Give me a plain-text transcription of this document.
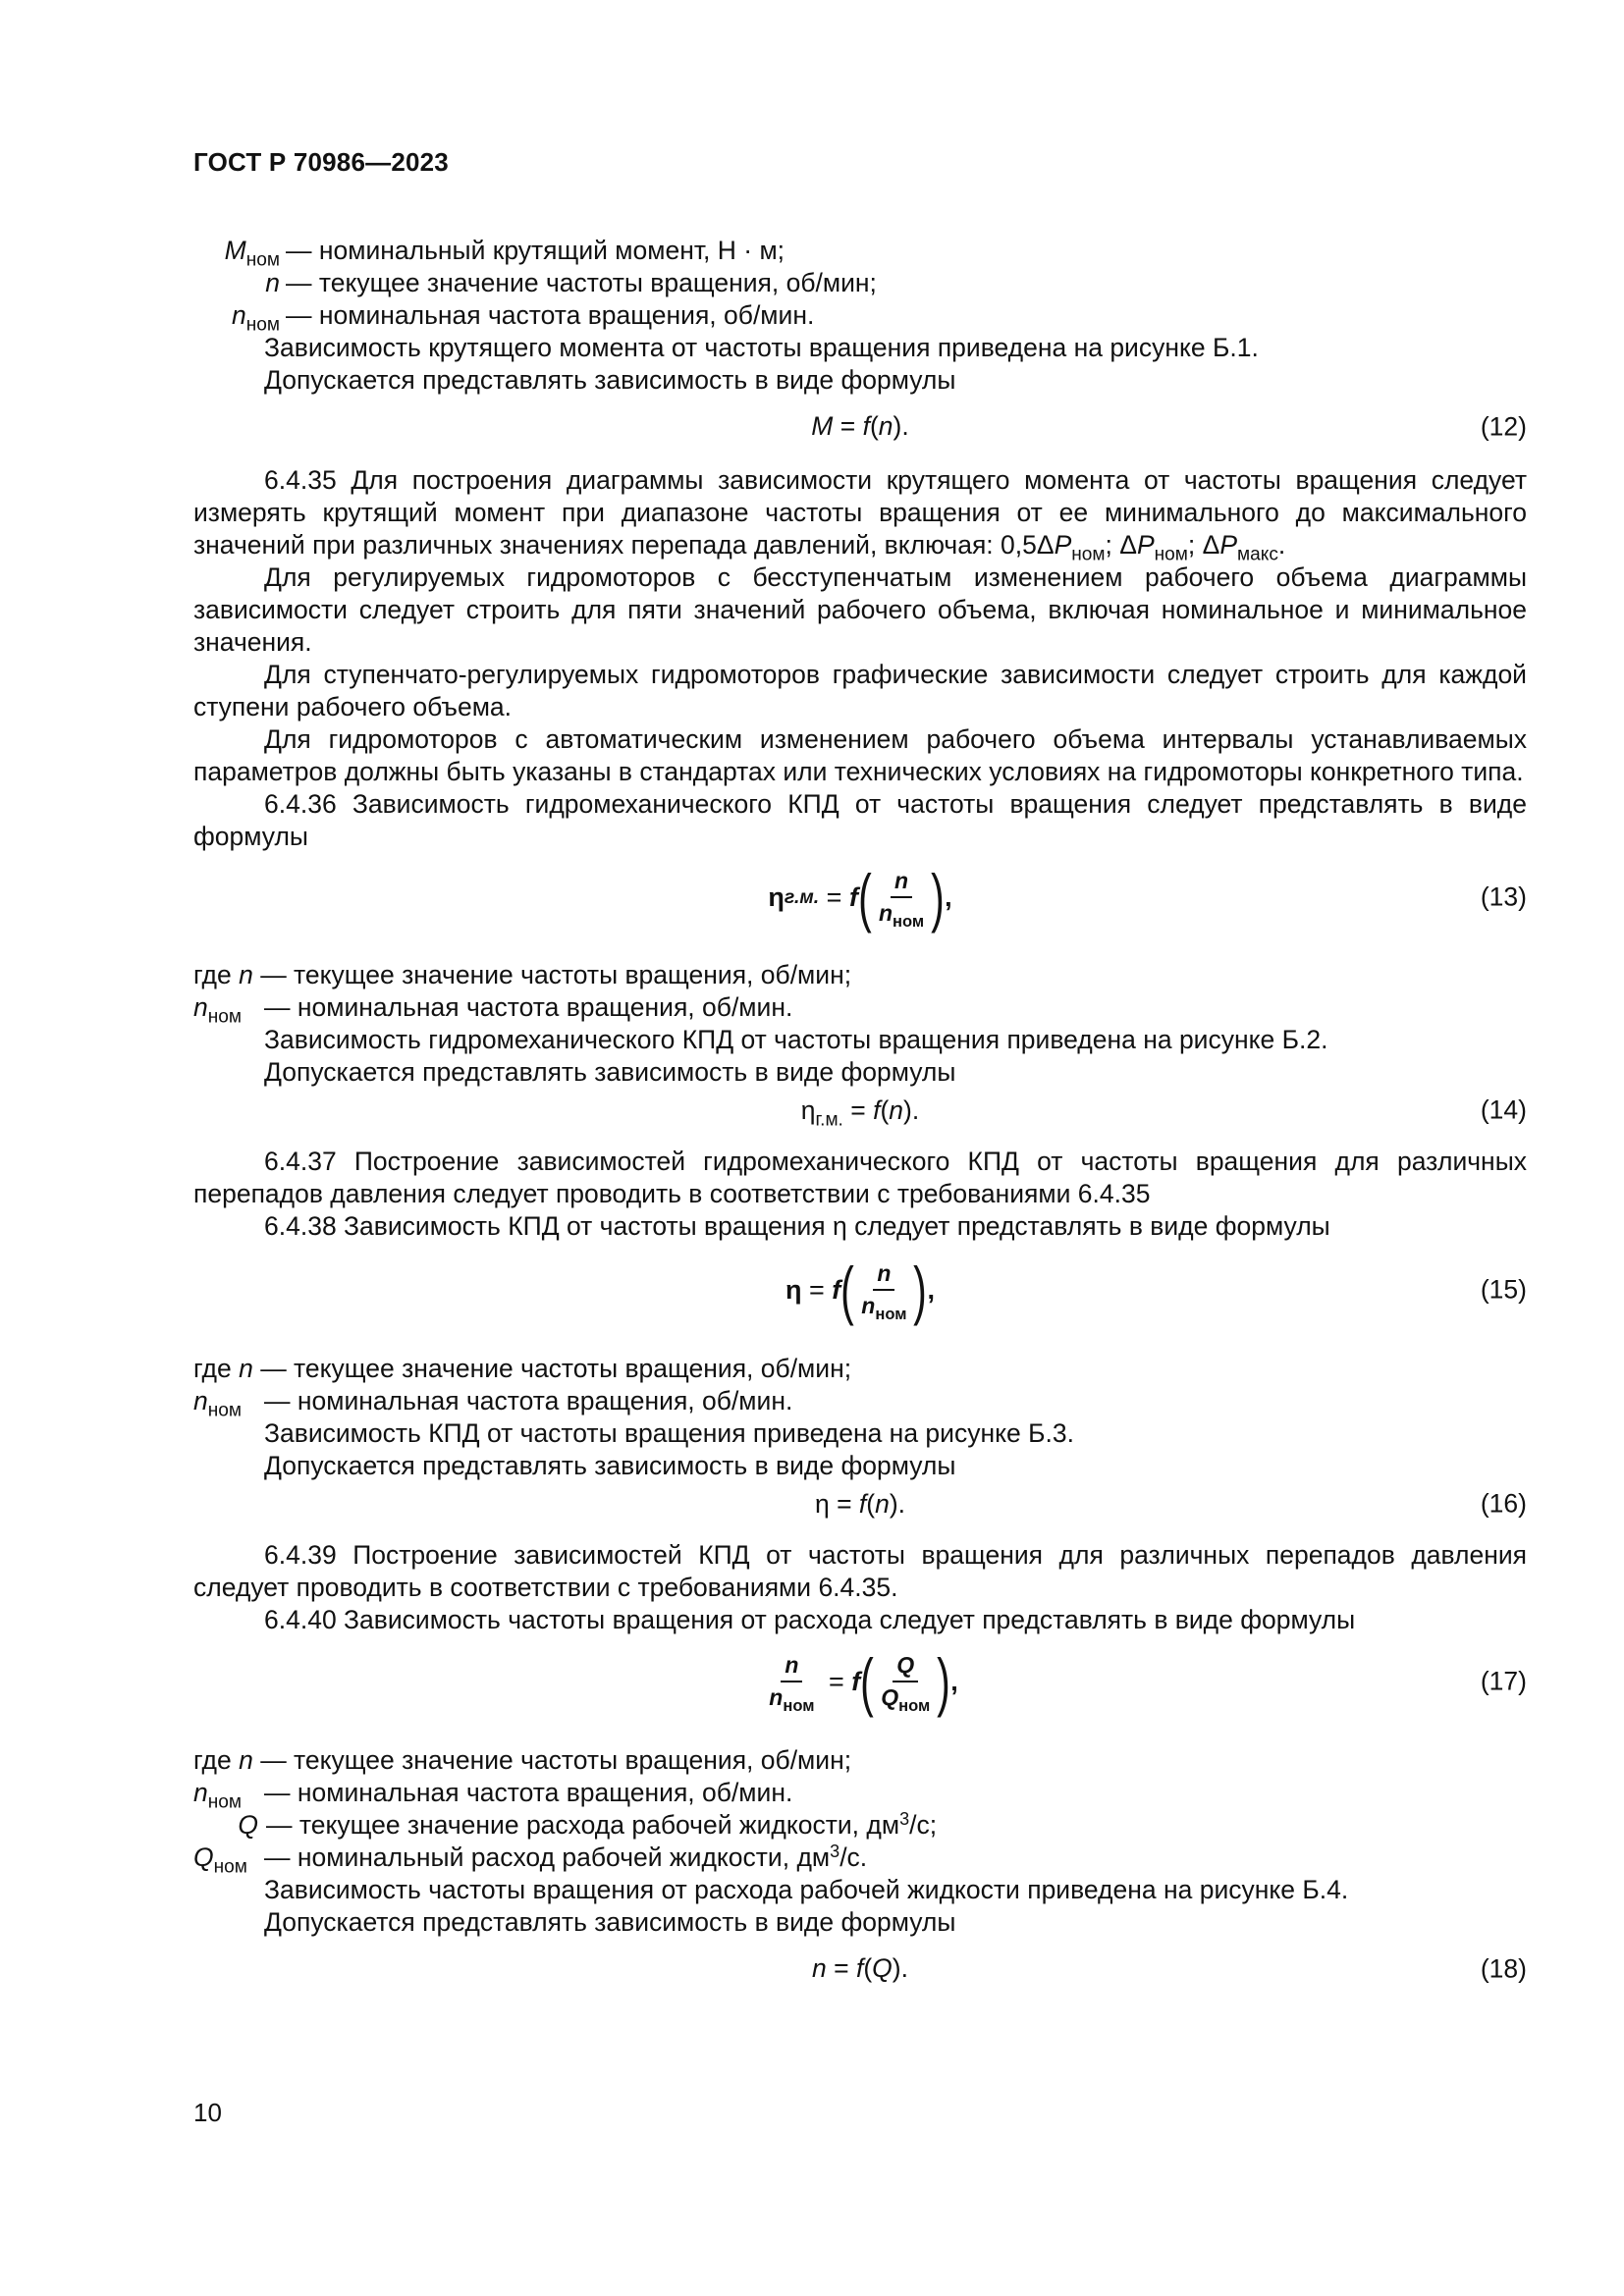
ГОСТ Р 70986—2023
$M_{ном}$ — номинальный крутящий момент, Н · м;
n — текущее значение частоты вращения, об/мин;
$n_{ном}$ — номинальная частота вращения, об/мин.

Зависимость крутящего момента от частоты вращения приведена на рисунке Б.1.

Допускается представлять зависимость в виде формулы

M = f(n).	(12)

6.4.35 Для построения диаграммы зависимости крутящего момента от частоты вращения следует измерять крутящий момент при диапазоне частоты вращения от ее минимального до максимального значений при различных значениях перепада давлений, включая: $0,5\Delta P_{ном}$; $\Delta P_{ном}$; $\Delta P_{макс}$.

Для регулируемых гидромоторов с бесступенчатым изменением рабочего объема диаграммы зависимости следует строить для пяти значений рабочего объема, включая номинальное и минимальное значения.

Для ступенчато-регулируемых гидромоторов графические зависимости следует строить для каждой ступени рабочего объема.

Для гидромоторов с автоматическим изменением рабочего объема интервалы устанавливаемых параметров должны быть указаны в стандартах или технических условиях на гидромоторы конкретного типа.

6.4.36 Зависимость гидромеханического КПД от частоты вращения следует представлять в виде формулы

η г.м. = f ( $\frac{n}{n_{ном}}$ ) ,	(13)

где n — текущее значение частоты вращения, об/мин;

$n_{ном}$ — номинальная частота вращения, об/мин.

Зависимость гидромеханического КПД от частоты вращения приведена на рисунке Б.2.

Допускается представлять зависимость в виде формулы

$\eta_{г.м.} = f(n)$.	(14)

6.4.37 Построение зависимостей гидромеханического КПД от частоты вращения для различных перепадов давления следует проводить в соответствии с требованиями 6.4.35

6.4.38 Зависимость КПД от частоты вращения η следует представлять в виде формулы

η = f ( $\frac{n}{n_{ном}}$ ) ,	(15)

где n — текущее значение частоты вращения, об/мин;

$n_{ном}$ — номинальная частота вращения, об/мин.

Зависимость КПД от частоты вращения приведена на рисунке Б.3.

Допускается представлять зависимость в виде формулы

η = f(n).	(16)

6.4.39 Построение зависимостей КПД от частоты вращения для различных перепадов давления следует проводить в соответствии с требованиями 6.4.35.

6.4.40 Зависимость частоты вращения от расхода следует представлять в виде формулы

$\frac{n}{n_{ном}} = f$ ( $\frac{Q}{Q_{ном}}$ ) ,	(17)

где n — текущее значение частоты вращения, об/мин;

$n_{ном}$ — номинальная частота вращения, об/мин.
Q — текущее значение расхода рабочей жидкости, $дм^3/с$;
$Q_{ном}$ — номинальный расход рабочей жидкости, $дм^3/с$.

Зависимость частоты вращения от расхода рабочей жидкости приведена на рисунке Б.4.

Допускается представлять зависимость в виде формулы

n = f(Q).	(18)
10
